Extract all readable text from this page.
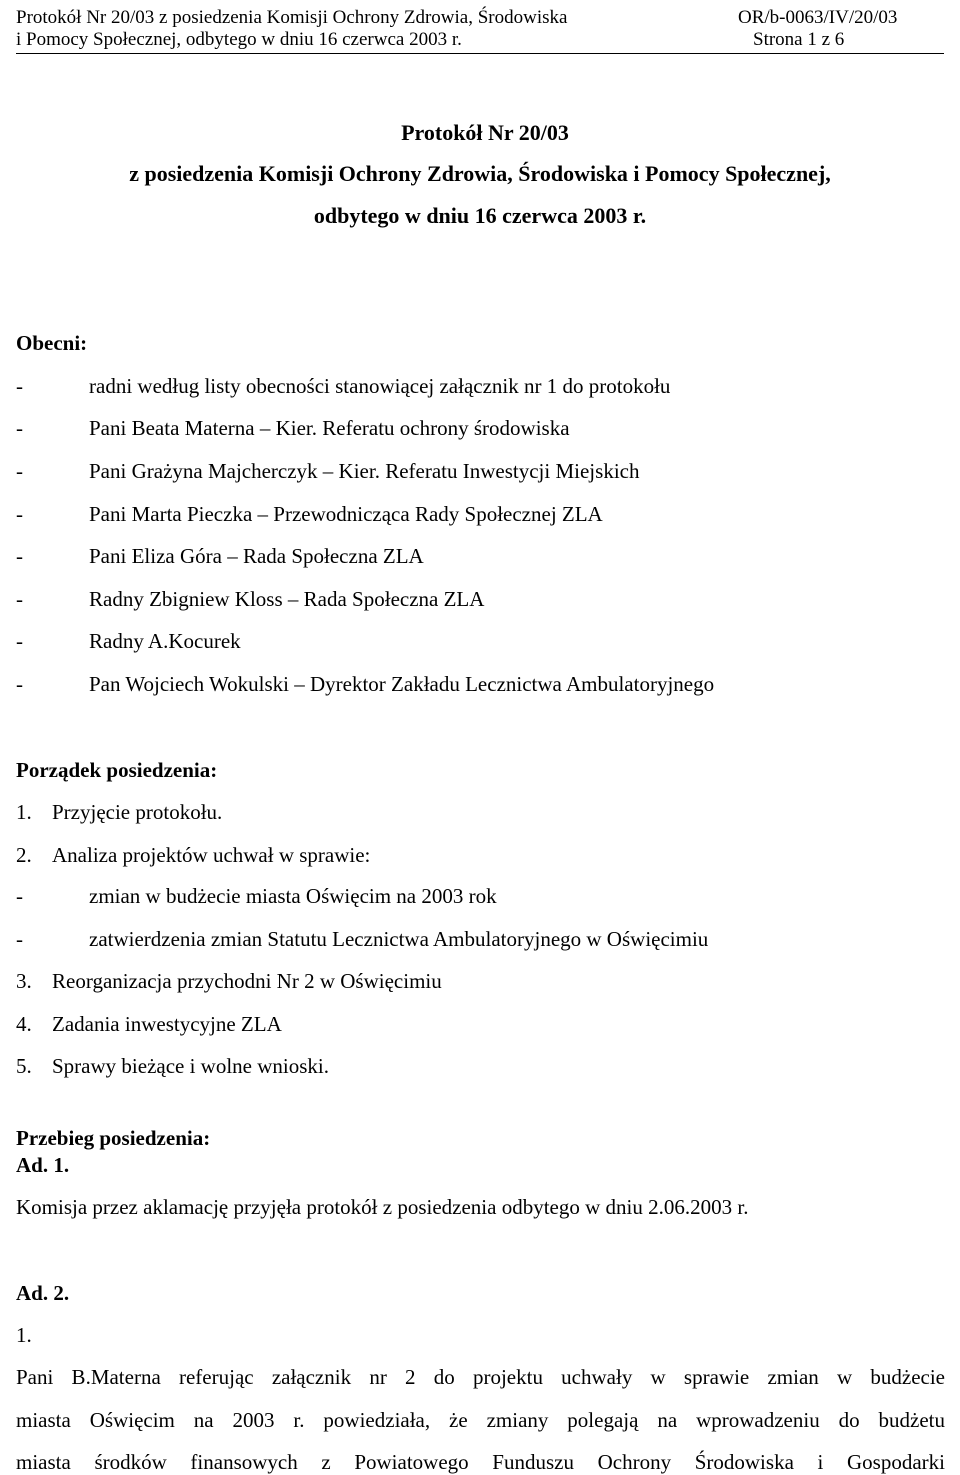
Protokół Nr 20/03 z posiedzenia Komisji Ochrony Zdrowia, Środowiska	OR/b-0063/IV/20/03
i Pomocy Społecznej, odbytego w dniu 16 czerwca 2003 r.	Strona 1 z 6
Protokół Nr 20/03
z posiedzenia Komisji Ochrony Zdrowia, Środowiska i Pomocy Społecznej,
odbytego w dniu 16 czerwca 2003 r.
Obecni:
-	radni według listy obecności stanowiącej załącznik nr 1 do protokołu
-	Pani Beata Materna – Kier. Referatu ochrony środowiska
-	Pani Grażyna Majcherczyk – Kier. Referatu Inwestycji Miejskich
-	Pani Marta Pieczka – Przewodnicząca Rady Społecznej ZLA
-	Pani Eliza Góra – Rada Społeczna ZLA
-	Radny Zbigniew Kloss – Rada Społeczna ZLA
-	Radny A.Kocurek
-	Pan Wojciech Wokulski – Dyrektor Zakładu Lecznictwa Ambulatoryjnego
Porządek posiedzenia:
1. Przyjęcie protokołu.
2. Analiza projektów uchwał w sprawie:
-	zmian w budżecie miasta Oświęcim na 2003 rok
-	zatwierdzenia zmian Statutu Lecznictwa Ambulatoryjnego w Oświęcimiu
3. Reorganizacja przychodni Nr 2 w Oświęcimiu
4. Zadania inwestycyjne ZLA
5. Sprawy bieżące i wolne wnioski.
Przebieg posiedzenia:
Ad. 1.
Komisja przez aklamację przyjęła protokół z posiedzenia odbytego w dniu 2.06.2003 r.
Ad. 2.
1.
Pani B.Materna referując załącznik nr 2 do projektu uchwały w sprawie zmian w budżecie
miasta Oświęcim na 2003 r. powiedziała, że zmiany polegają na wprowadzeniu do budżetu
miasta środków finansowych z Powiatowego Funduszu Ochrony Środowiska i Gospodarki
